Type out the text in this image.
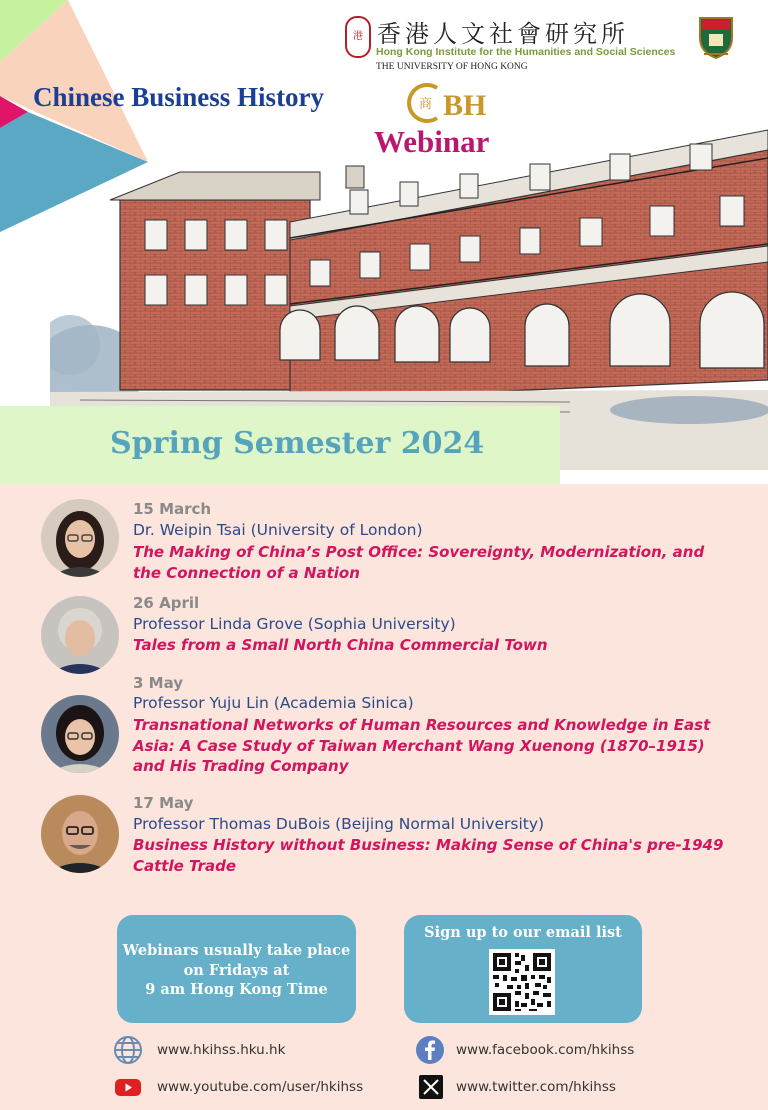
港 香港人文社會研究所
Hong Kong Institute for the Humanities and Social Sciences
THE UNIVERSITY OF HONG KONG
Chinese Business History	商 BH
Webinar
Spring Semester 2024
15 March
Dr. Weipin Tsai (University of London)
The Making of China’s Post Office: Sovereignty, Modernization, and the Connection of a Nation
26 April
Professor Linda Grove (Sophia University)
Tales from a Small North China Commercial Town
3 May
Professor Yuju Lin (Academia Sinica)
Transnational Networks of Human Resources and Knowledge in East Asia: A Case Study of Taiwan Merchant Wang Xuenong (1870–1915) and His Trading Company
17 May
Professor Thomas DuBois (Beijing Normal University)
Business History without Business: Making Sense of China's pre-1949 Cattle Trade
Webinars usually take place
on Fridays at
9 am Hong Kong Time
Sign up to our email list
www.hkihss.hku.hk	www.facebook.com/hkihss
www.youtube.com/user/hkihss	www.twitter.com/hkihss
